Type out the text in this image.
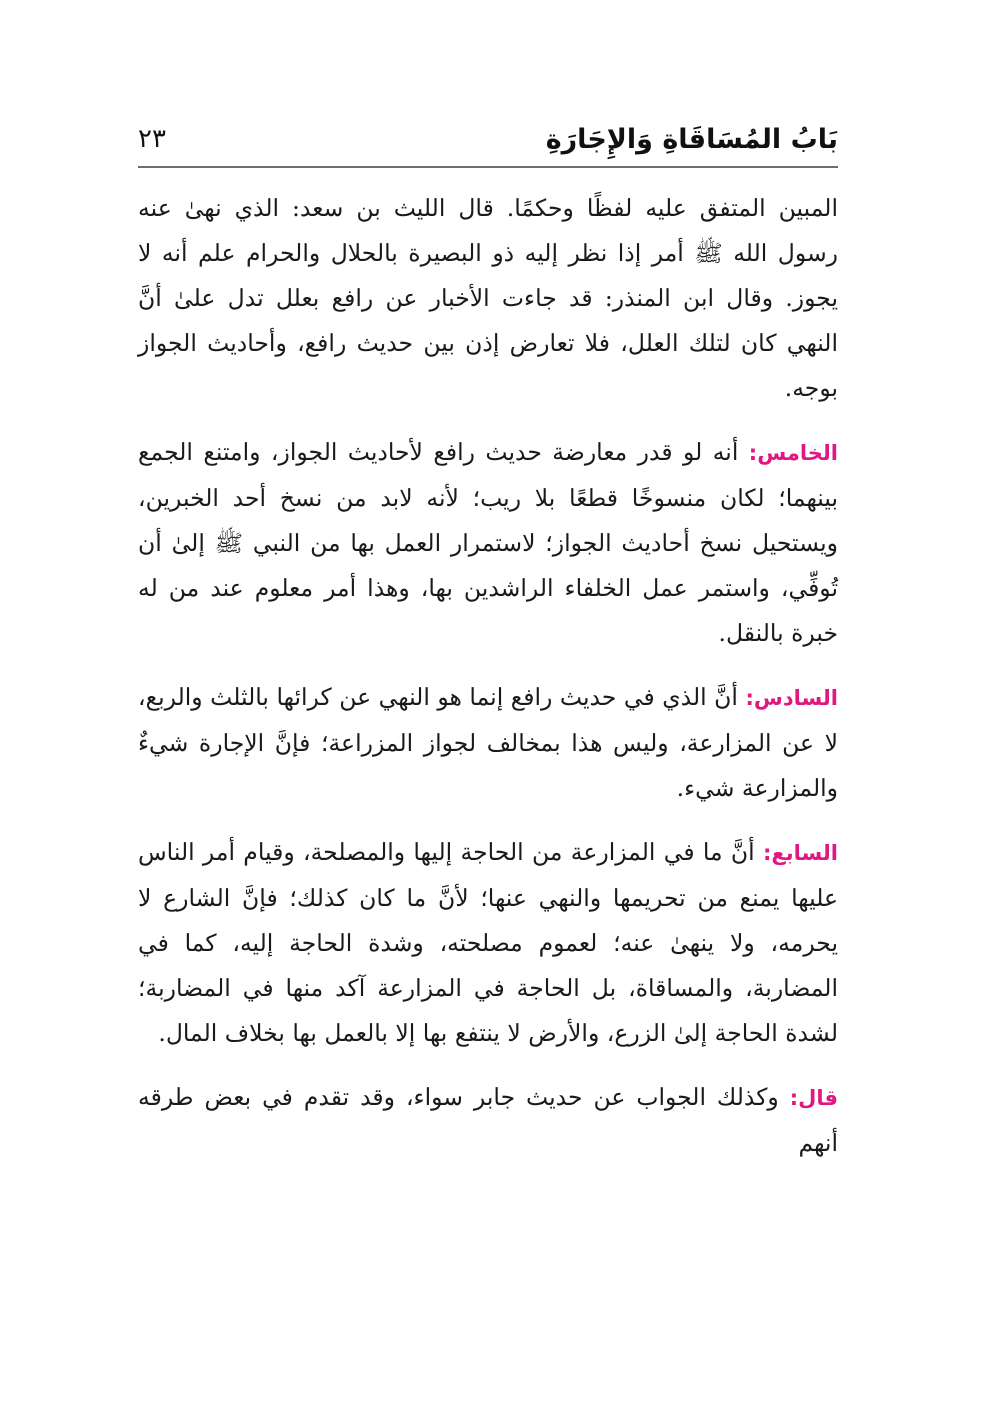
بَابُ المُسَاقَاةِ وَالإِجَارَةِ
٢٣

المبين المتفق عليه لفظًا وحكمًا. قال الليث بن سعد: الذي نهىٰ عنه رسول الله ﷺ أمر إذا نظر إليه ذو البصيرة بالحلال والحرام علم أنه لا يجوز. وقال ابن المنذر: قد جاءت الأخبار عن رافع بعلل تدل علىٰ أنَّ النهي كان لتلك العلل، فلا تعارض إذن بين حديث رافع، وأحاديث الجواز بوجه.

الخامس: أنه لو قدر معارضة حديث رافع لأحاديث الجواز، وامتنع الجمع بينهما؛ لكان منسوخًا قطعًا بلا ريب؛ لأنه لابد من نسخ أحد الخبرين، ويستحيل نسخ أحاديث الجواز؛ لاستمرار العمل بها من النبي ﷺ إلىٰ أن تُوفِّي، واستمر عمل الخلفاء الراشدين بها، وهذا أمر معلوم عند من له خبرة بالنقل.

السادس: أنَّ الذي في حديث رافع إنما هو النهي عن كرائها بالثلث والربع، لا عن المزارعة، وليس هذا بمخالف لجواز المزراعة؛ فإنَّ الإجارة شيءٌ والمزارعة شيء.

السابع: أنَّ ما في المزارعة من الحاجة إليها والمصلحة، وقيام أمر الناس عليها يمنع من تحريمها والنهي عنها؛ لأنَّ ما كان كذلك؛ فإنَّ الشارع لا يحرمه، ولا ينهىٰ عنه؛ لعموم مصلحته، وشدة الحاجة إليه، كما في المضاربة، والمساقاة، بل الحاجة في المزارعة آكد منها في المضاربة؛ لشدة الحاجة إلىٰ الزرع، والأرض لا ينتفع بها إلا بالعمل بها بخلاف المال.

قال: وكذلك الجواب عن حديث جابر سواء، وقد تقدم في بعض طرقه أنهم
